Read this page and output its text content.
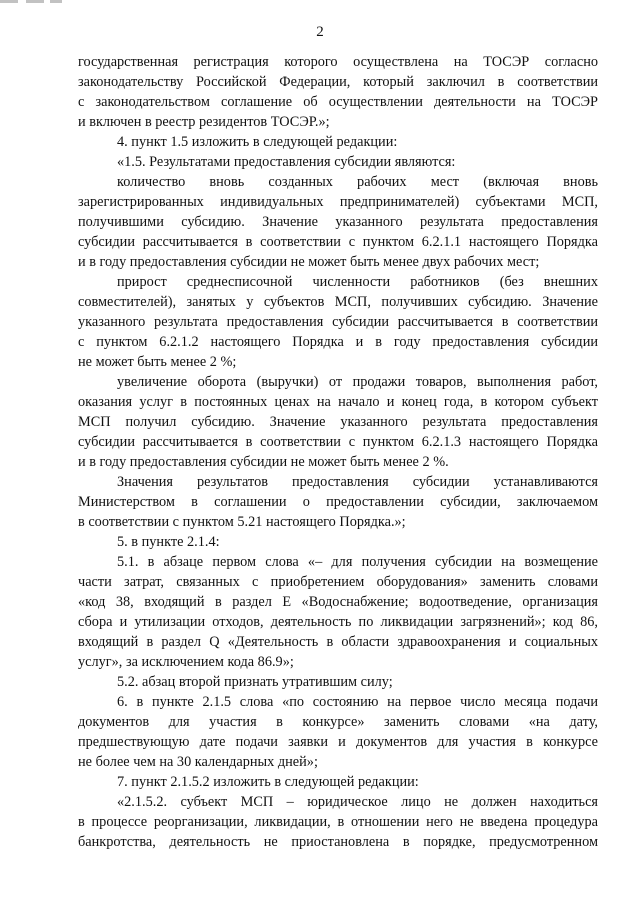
2

государственная регистрация которого осуществлена на ТОСЭР согласно

законодательству Российской Федерации, который заключил в соответствии

с законодательством соглашение об осуществлении деятельности на ТОСЭР

и включен в реестр резидентов ТОСЭР.»;

4. пункт 1.5 изложить в следующей редакции:

«1.5. Результатами предоставления субсидии являются:

количество вновь созданных рабочих мест (включая вновь

зарегистрированных индивидуальных предпринимателей) субъектами МСП,

получившими субсидию. Значение указанного результата предоставления

субсидии рассчитывается в соответствии с пунктом 6.2.1.1 настоящего Порядка

и в году предоставления субсидии не может быть менее двух рабочих мест;

прирост среднесписочной численности работников (без внешних

совместителей), занятых у субъектов МСП, получивших субсидию. Значение

указанного результата предоставления субсидии рассчитывается в соответствии

с пунктом 6.2.1.2 настоящего Порядка и в году предоставления субсидии

не может быть менее 2 %;

увеличение оборота (выручки) от продажи товаров, выполнения работ,

оказания услуг в постоянных ценах на начало и конец года, в котором субъект

МСП получил субсидию. Значение указанного результата предоставления

субсидии рассчитывается в соответствии с пунктом 6.2.1.3 настоящего Порядка

и в году предоставления субсидии не может быть менее 2 %.

Значения результатов предоставления субсидии устанавливаются

Министерством в соглашении о предоставлении субсидии, заключаемом

в соответствии с пунктом 5.21 настоящего Порядка.»;

5. в пункте 2.1.4:

5.1. в абзаце первом слова «– для получения субсидии на возмещение

части затрат, связанных с приобретением оборудования» заменить словами

«код 38, входящий в раздел Е «Водоснабжение; водоотведение, организация

сбора и утилизации отходов, деятельность по ликвидации загрязнений»; код 86,

входящий в раздел Q «Деятельность в области здравоохранения и социальных

услуг», за исключением кода 86.9»;

5.2. абзац второй признать утратившим силу;

6. в пункте 2.1.5 слова «по состоянию на первое число месяца подачи

документов для участия в конкурсе» заменить словами «на дату,

предшествующую дате подачи заявки и документов для участия в конкурсе

не более чем на 30 календарных дней»;

7. пункт 2.1.5.2 изложить в следующей редакции:

«2.1.5.2. субъект МСП – юридическое лицо не должен находиться

в процессе реорганизации, ликвидации, в отношении него не введена процедура

банкротства, деятельность не приостановлена в порядке, предусмотренном
